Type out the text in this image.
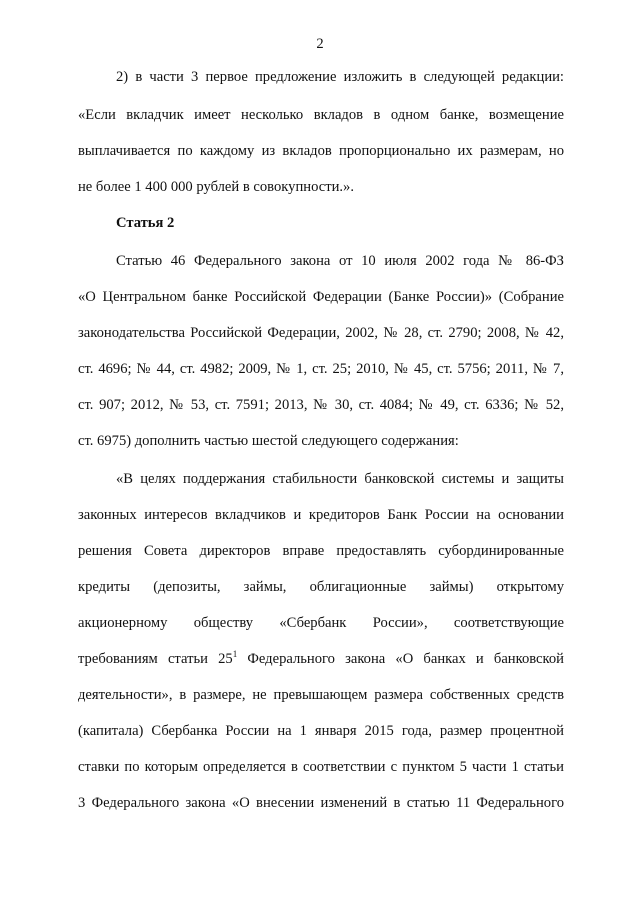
2
2) в части 3 первое предложение изложить в следующей редакции:
«Если вкладчик имеет несколько вкладов в одном банке, возмещение
выплачивается по каждому из вкладов пропорционально их размерам, но
не более 1 400 000 рублей в совокупности.».
Статья 2
Статью 46 Федерального закона от 10 июля 2002 года № 86-ФЗ
«О Центральном банке Российской Федерации (Банке России)» (Собрание
законодательства Российской Федерации, 2002, № 28, ст. 2790; 2008, № 42,
ст. 4696; № 44, ст. 4982; 2009, № 1, ст. 25; 2010, № 45, ст. 5756; 2011, № 7,
ст. 907; 2012, № 53, ст. 7591; 2013, № 30, ст. 4084; № 49, ст. 6336; № 52,
ст. 6975) дополнить частью шестой следующего содержания:
«В целях поддержания стабильности банковской системы и защиты
законных интересов вкладчиков и кредиторов Банк России на основании
решения Совета директоров вправе предоставлять субординированные
кредиты (депозиты, займы, облигационные займы) открытому
акционерному обществу «Сбербанк России», соответствующие
требованиям статьи $25^1$ Федерального закона «О банках и банковской
деятельности», в размере, не превышающем размера собственных средств
(капитала) Сбербанка России на 1 января 2015 года, размер процентной
ставки по которым определяется в соответствии с пунктом 5 части 1 статьи
3 Федерального закона «О внесении изменений в статью 11 Федерального
